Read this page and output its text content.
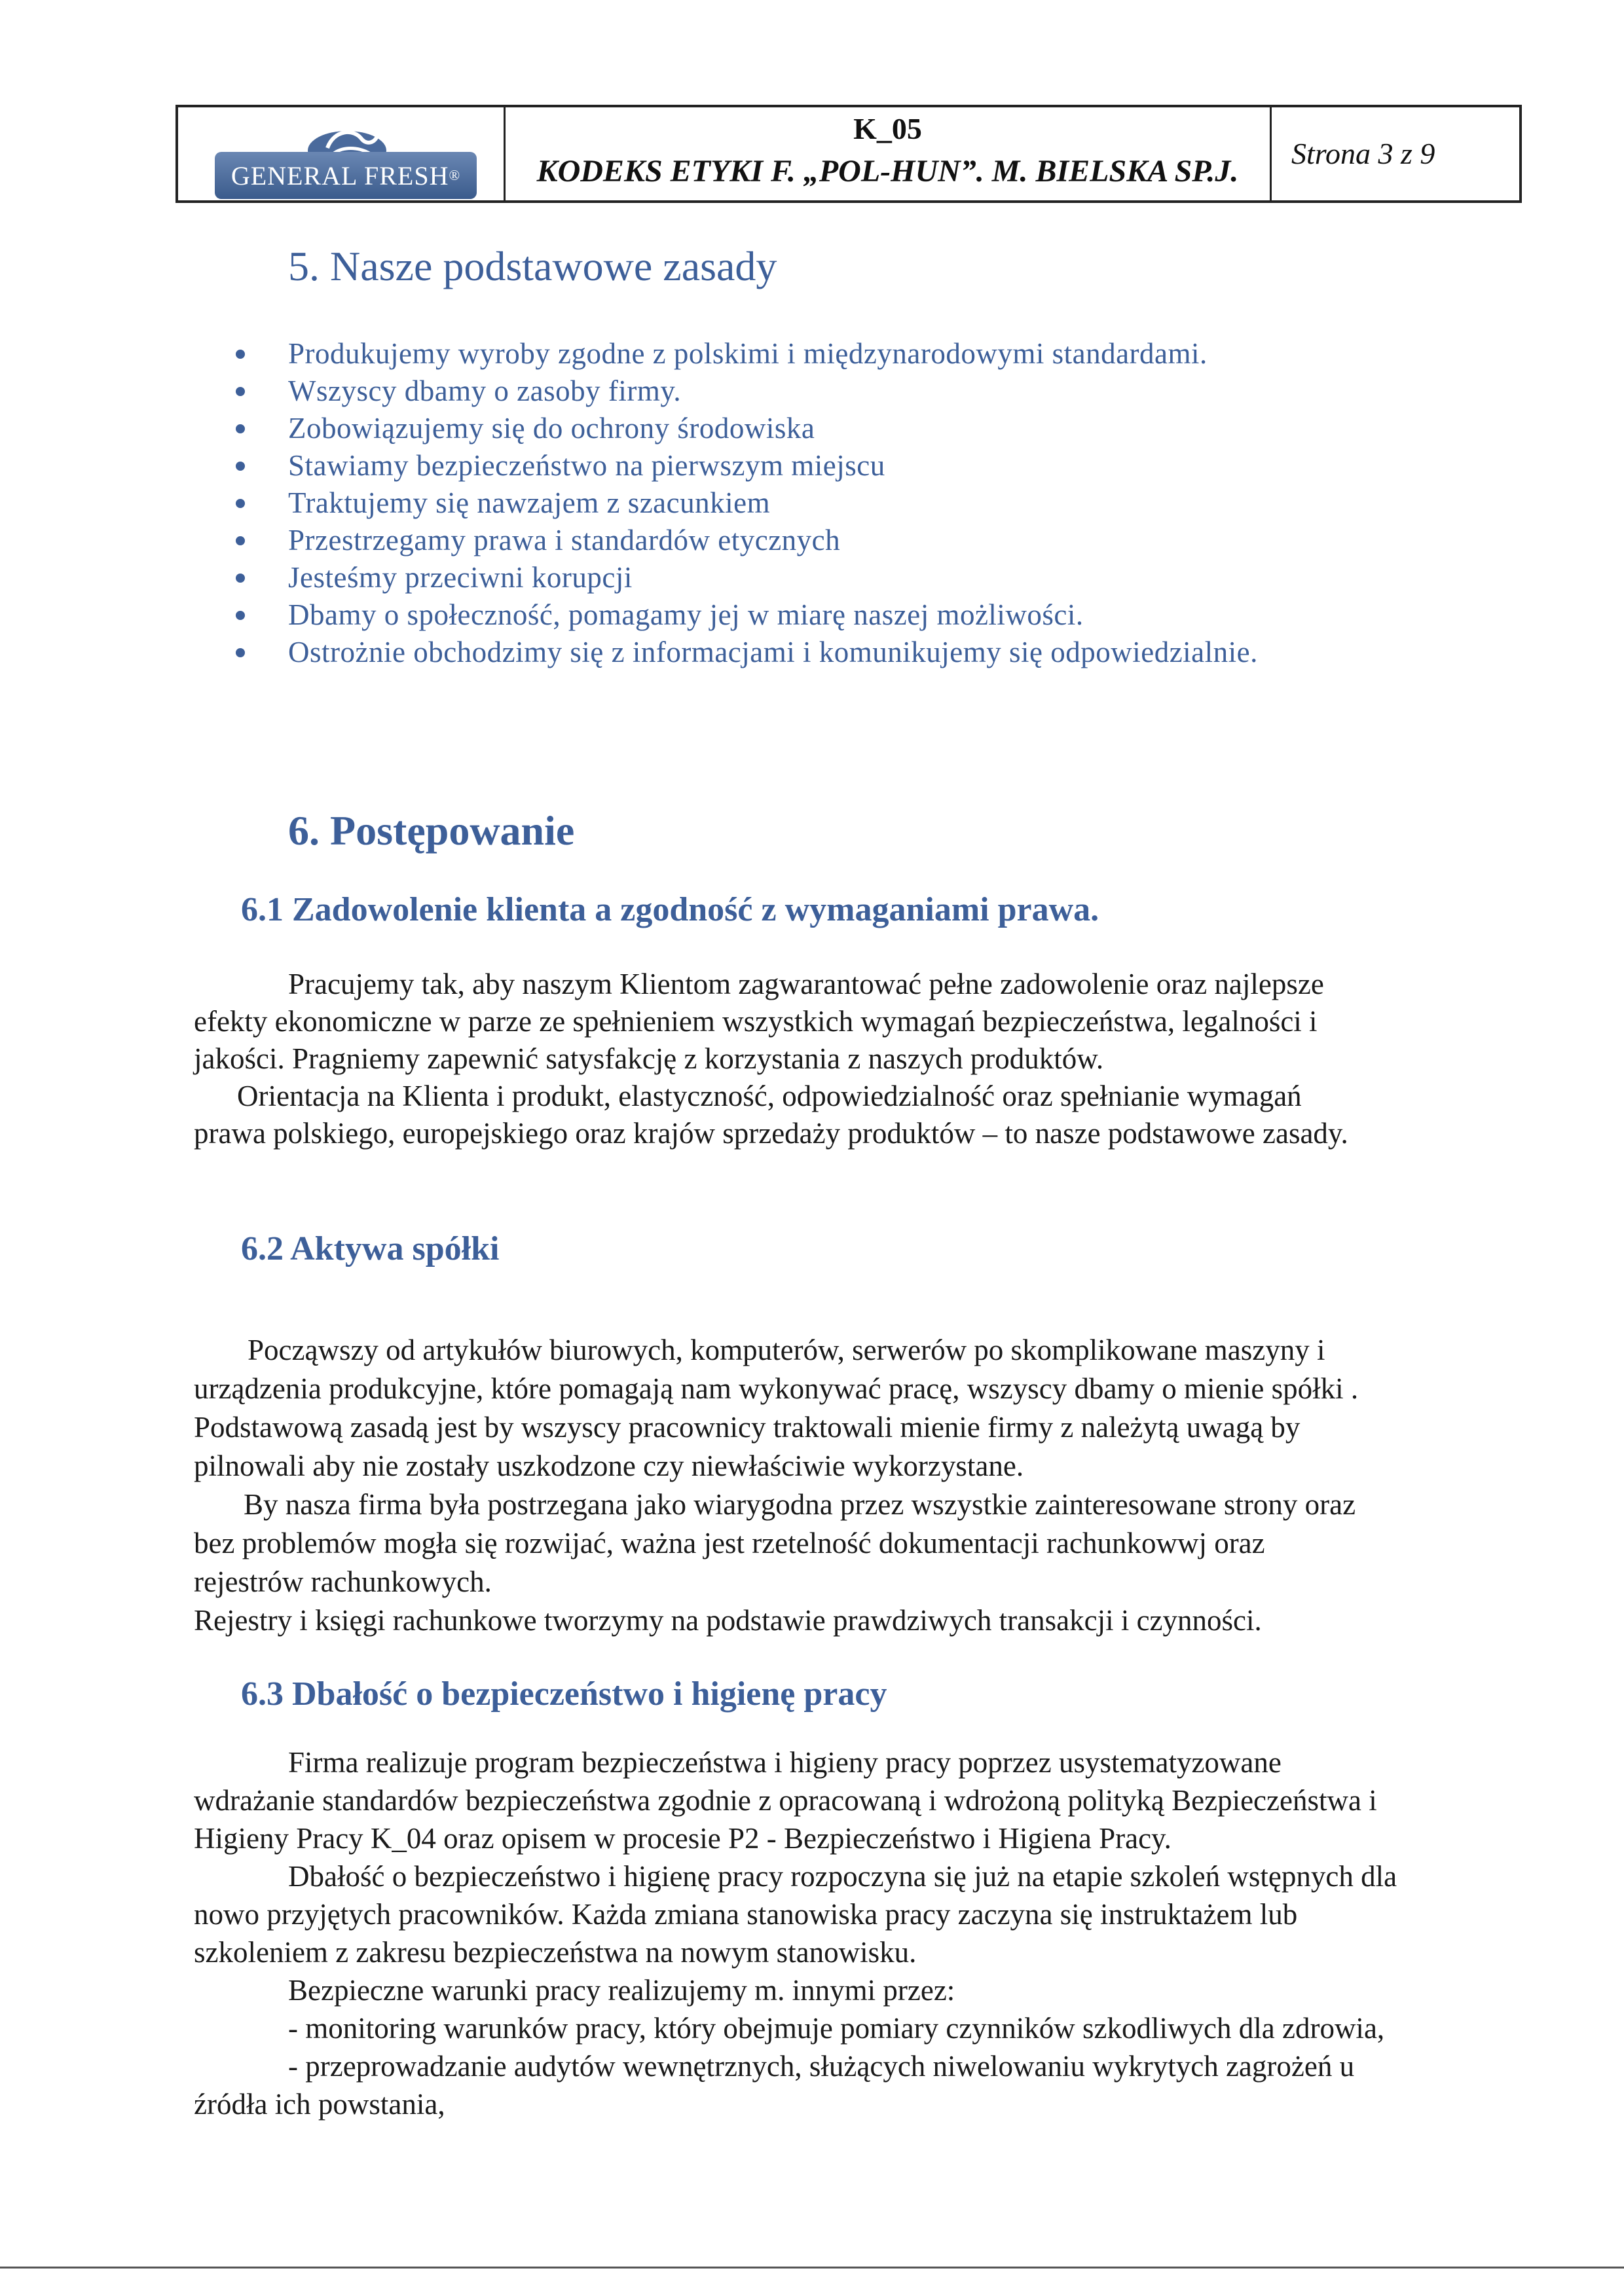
GENERAL FRESH ®
K_05
KODEKS ETYKI F. „POL-HUN”. M. BIELSKA SP.J.
Strona 3 z 9
5. Nasze podstawowe zasady
Produkujemy wyroby zgodne z polskimi i międzynarodowymi standardami.
Wszyscy dbamy o zasoby firmy.
Zobowiązujemy się do ochrony środowiska
Stawiamy bezpieczeństwo na pierwszym miejscu
Traktujemy się nawzajem z szacunkiem
Przestrzegamy prawa i standardów etycznych
Jesteśmy przeciwni korupcji
Dbamy o społeczność, pomagamy jej w miarę naszej możliwości.
Ostrożnie obchodzimy się z informacjami i komunikujemy się odpowiedzialnie.
6. Postępowanie
6.1 Zadowolenie klienta a zgodność z wymaganiami prawa.
Pracujemy tak, aby naszym Klientom zagwarantować pełne zadowolenie oraz najlepsze
efekty ekonomiczne w parze ze spełnieniem wszystkich wymagań bezpieczeństwa, legalności i
jakości. Pragniemy zapewnić satysfakcję z korzystania z naszych produktów.
Orientacja na Klienta i produkt, elastyczność, odpowiedzialność oraz spełnianie wymagań
prawa polskiego, europejskiego oraz krajów sprzedaży produktów – to nasze podstawowe zasady.
6.2 Aktywa spółki
Począwszy od artykułów biurowych, komputerów, serwerów po skomplikowane maszyny i
urządzenia produkcyjne, które pomagają nam wykonywać pracę, wszyscy dbamy o mienie spółki .
Podstawową zasadą jest by wszyscy pracownicy traktowali mienie firmy z należytą uwagą by
pilnowali aby nie zostały uszkodzone czy niewłaściwie wykorzystane.
By nasza firma była postrzegana jako wiarygodna przez wszystkie zainteresowane strony oraz
bez problemów mogła się rozwijać, ważna jest rzetelność dokumentacji rachunkowwj oraz
rejestrów rachunkowych.
Rejestry i księgi rachunkowe tworzymy na podstawie prawdziwych transakcji i czynności.
6.3 Dbałość o bezpieczeństwo i higienę pracy
Firma realizuje program bezpieczeństwa i higieny pracy poprzez usystematyzowane
wdrażanie standardów bezpieczeństwa zgodnie z opracowaną i wdrożoną polityką Bezpieczeństwa i
Higieny Pracy K_04 oraz opisem w procesie P2 - Bezpieczeństwo i Higiena Pracy.
Dbałość o bezpieczeństwo i higienę pracy rozpoczyna się już na etapie szkoleń wstępnych dla
nowo przyjętych pracowników. Każda zmiana stanowiska pracy zaczyna się instruktażem lub
szkoleniem z zakresu bezpieczeństwa na nowym stanowisku.
Bezpieczne warunki pracy realizujemy m. innymi przez:
- monitoring warunków pracy, który obejmuje pomiary czynników szkodliwych dla zdrowia,
- przeprowadzanie audytów wewnętrznych, służących niwelowaniu wykrytych zagrożeń u
źródła ich powstania,
